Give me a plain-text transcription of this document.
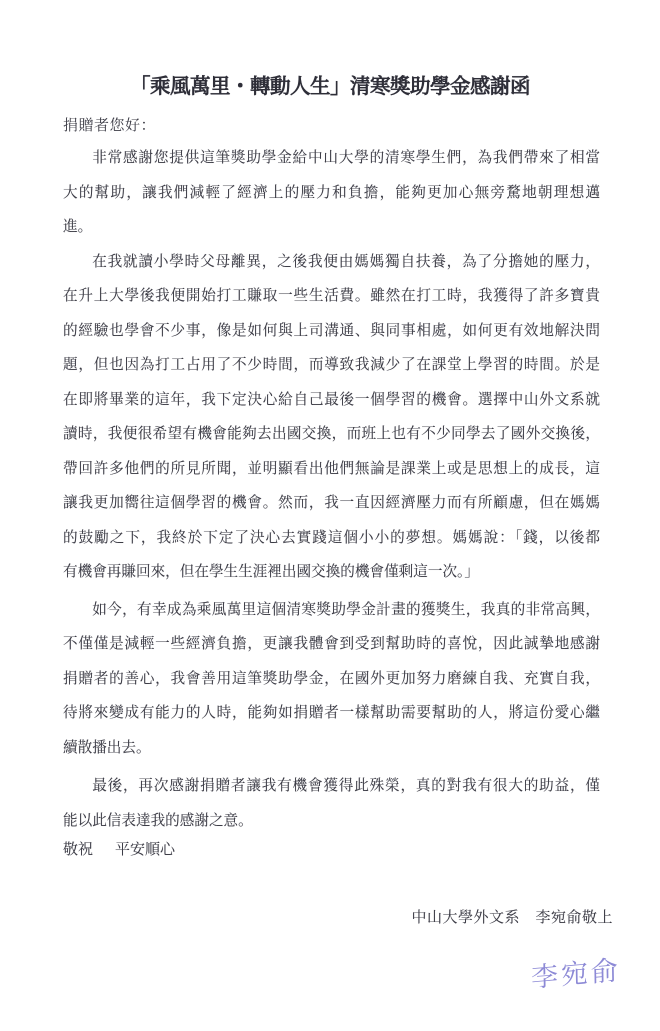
「乘風萬里・轉動人生」清寒獎助學金感謝函
捐贈者您好：
非常感謝您提供這筆獎助學金給中山大學的清寒學生們，為我們帶來了相當
大的幫助，讓我們減輕了經濟上的壓力和負擔，能夠更加心無旁騖地朝理想邁
進。
在我就讀小學時父母離異，之後我便由媽媽獨自扶養，為了分擔她的壓力，
在升上大學後我便開始打工賺取一些生活費。雖然在打工時，我獲得了許多寶貴
的經驗也學會不少事，像是如何與上司溝通、與同事相處，如何更有效地解決問
題，但也因為打工占用了不少時間，而導致我減少了在課堂上學習的時間。於是
在即將畢業的這年，我下定決心給自己最後一個學習的機會。選擇中山外文系就
讀時，我便很希望有機會能夠去出國交換，而班上也有不少同學去了國外交換後，
帶回許多他們的所見所聞，並明顯看出他們無論是課業上或是思想上的成長，這
讓我更加嚮往這個學習的機會。然而，我一直因經濟壓力而有所顧慮，但在媽媽
的鼓勵之下，我終於下定了決心去實踐這個小小的夢想。媽媽說：「錢，以後都
有機會再賺回來，但在學生生涯裡出國交換的機會僅剩這一次。」
如今，有幸成為乘風萬里這個清寒獎助學金計畫的獲獎生，我真的非常高興，
不僅僅是減輕一些經濟負擔，更讓我體會到受到幫助時的喜悅，因此誠摯地感謝
捐贈者的善心，我會善用這筆獎助學金，在國外更加努力磨練自我、充實自我，
待將來變成有能力的人時，能夠如捐贈者一樣幫助需要幫助的人，將這份愛心繼
續散播出去。
最後，再次感謝捐贈者讓我有機會獲得此殊榮，真的對我有很大的助益，僅
能以此信表達我的感謝之意。
敬祝 平安順心
中山大學外文系　李宛俞敬上
李宛俞
